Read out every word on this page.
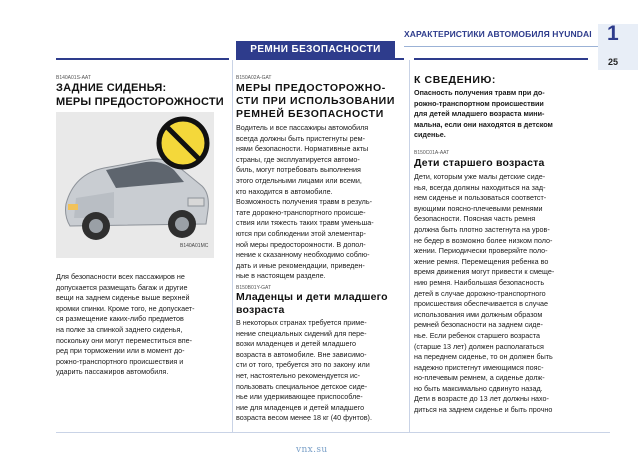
ХАРАКТЕРИСТИКИ АВТОМОБИЛЯ HYUNDAI 1
РЕМНИ БЕЗОПАСНОСТИ
25
B140A01S-AAT
ЗАДНИЕ СИДЕНЬЯ:
МЕРЫ ПРЕДОСТОРОЖНОСТИ
B140A01MC
Для безопасности всех пассажиров не
допускается размещать багаж и другие
вещи на заднем сиденье выше верхней
кромки спинки. Кроме того, не допускает-
ся размещение каких-либо предметов
на полке за спинкой заднего сиденья,
поскольку они могут переместиться впе-
ред при торможении или в момент до-
рожно-транспортного происшествия и
ударить пассажиров автомобиля.
B150A02A-GAT
МЕРЫ ПРЕДОСТОРОЖНО-
СТИ ПРИ ИСПОЛЬЗОВАНИИ
РЕМНЕЙ БЕЗОПАСНОСТИ
Водитель и все пассажиры автомобиля
всегда должны быть пристегнуты рем-
нями безопасности. Нормативные акты
страны, где эксплуатируется автомо-
биль, могут потребовать выполнения
этого отдельными лицами или всеми,
кто находится в автомобиле.
Возможность получения травм в резуль-
тате дорожно-транспортного происше-
ствия или тяжесть таких травм уменьша-
ются при соблюдении этой элементар-
ной меры предосторожности. В допол-
нение к сказанному необходимо соблю-
дать и иные рекомендации, приведен-
ные в настоящем разделе.
B150B01Y-GAT
Младенцы и дети младшего
возраста
В некоторых странах требуется приме-
нение специальных сидений для пере-
возки младенцев и детей младшего
возраста в автомобиле. Вне зависимо-
сти от того, требуется это по закону или
нет, настоятельно рекомендуется ис-
пользовать специальное детское сиде-
нье или удерживающее приспособле-
ние для младенцев и детей младшего
возраста весом менее 18 кг (40 фунтов).
К СВЕДЕНИЮ:
Опасность получения травм при до-
рожно-транспортном происшествии
для детей младшего возраста мини-
мальна, если они находятся в детском
сиденье.
B150C01A-AAT
Дети старшего возраста
Дети, которым уже малы детские сиде-
нья, всегда должны находиться на зад-
нем сиденье и пользоваться соответст-
вующими поясно-плечевыми ремнями
безопасности. Поясная часть ремня
должна быть плотно застегнута на уров-
не бедер в возможно более низком поло-
жении. Периодически проверяйте поло-
жение ремня. Перемещения ребенка во
время движения могут привести к смеще-
нию ремня. Наибольшая безопасность
детей в случае дорожно-транспортного
происшествия обеспечивается в случае
использования ими должным образом
ремней безопасности на заднем сиде-
нье. Если ребенок старшего возраста
(старше 13 лет) должен располагаться
на переднем сиденье, то он должен быть
надежно пристегнут имеющимся пояс-
но-плечевым ремнем, а сиденье долж-
но быть максимально сдвинуто назад.
Дети в возрасте до 13 лет должны нахо-
диться на заднем сиденье и быть прочно
vnx.su
